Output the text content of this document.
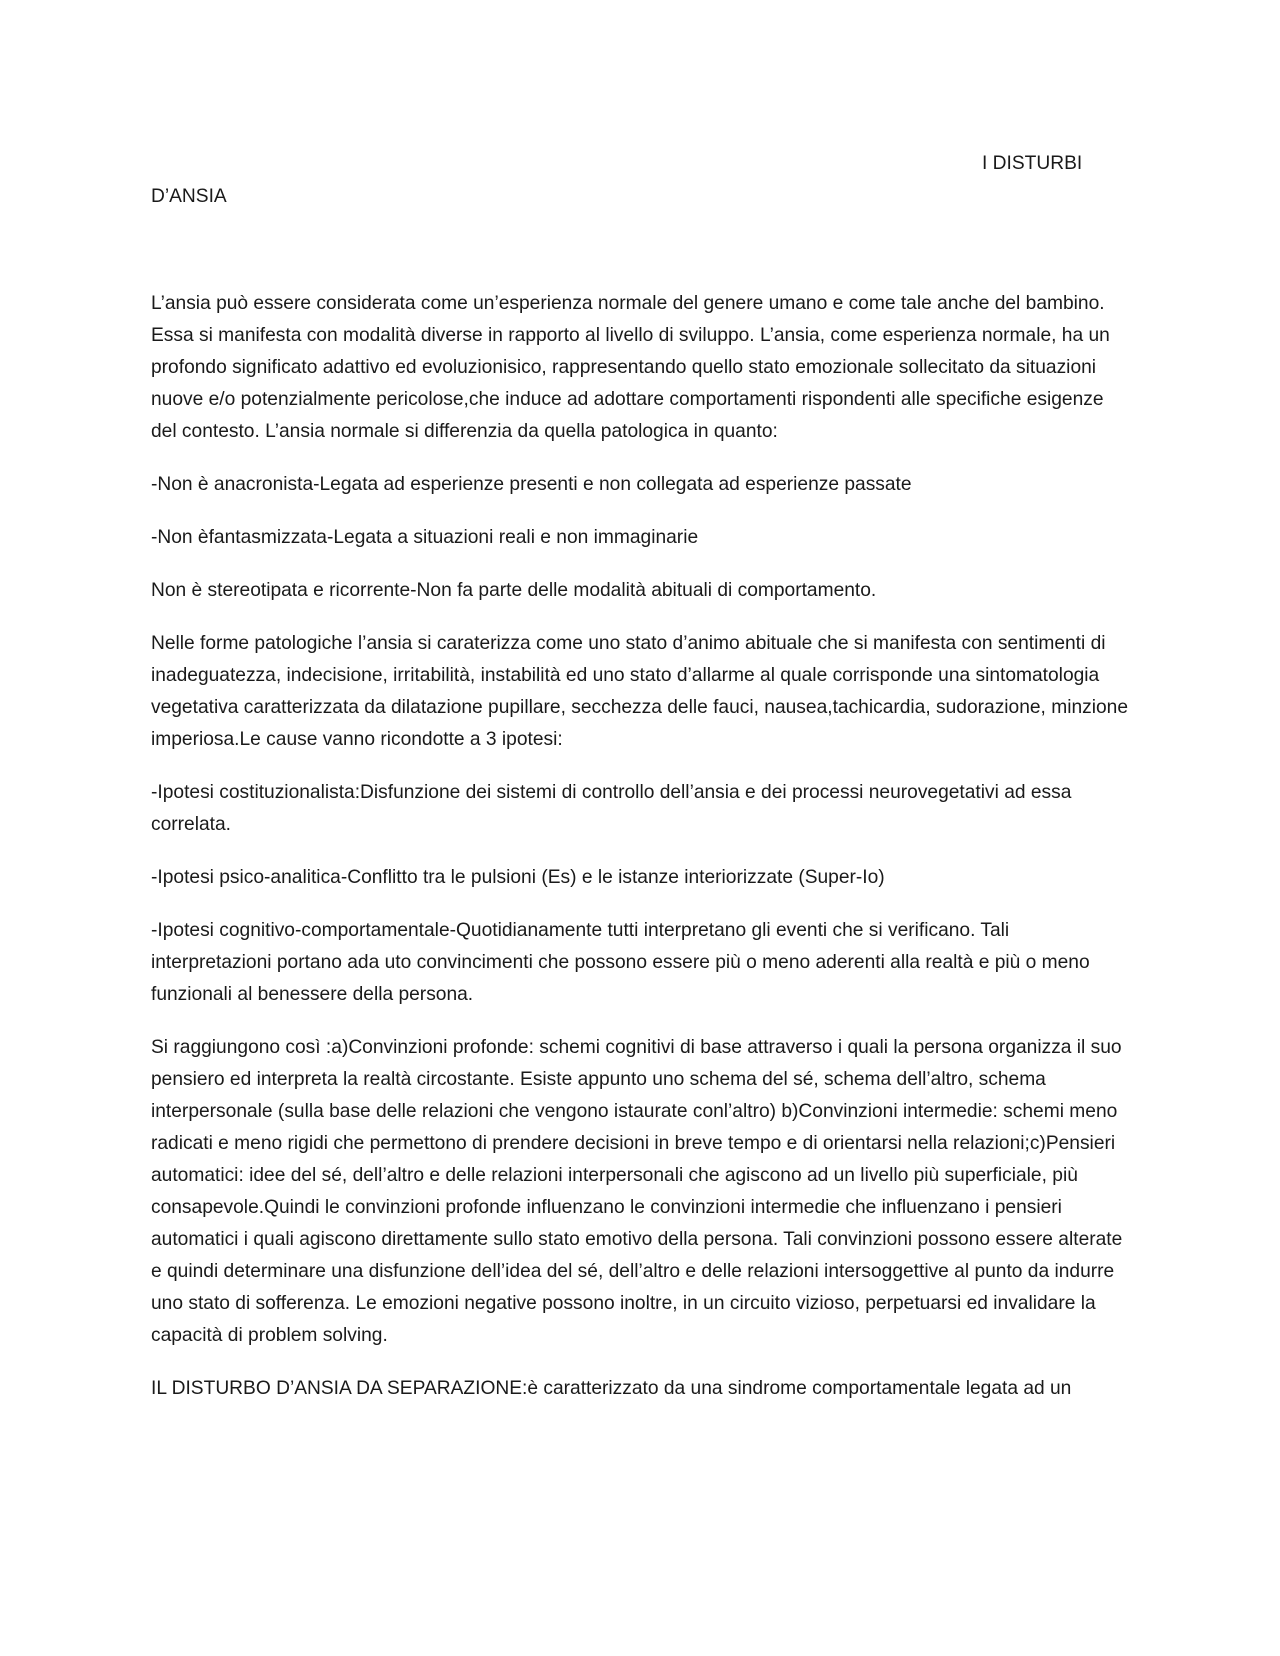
I DISTURBI
D’ANSIA

L’ansia può essere considerata come un’esperienza normale del genere umano e come tale anche del bambino. Essa si manifesta con modalità diverse in rapporto al livello di sviluppo. L’ansia, come esperienza normale, ha un profondo significato adattivo ed evoluzionisico, rappresentando quello stato emozionale sollecitato da situazioni nuove e/o potenzialmente pericolose,che induce ad adottare comportamenti rispondenti alle specifiche esigenze del contesto. L’ansia normale si differenzia da quella patologica in quanto:

-Non è anacronista-Legata ad esperienze presenti e non collegata ad esperienze passate

-Non èfantasmizzata-Legata a situazioni reali e non immaginarie

Non è stereotipata e ricorrente-Non fa parte delle modalità abituali di comportamento.

Nelle forme patologiche l’ansia si caraterizza come uno stato d’animo abituale che si manifesta con sentimenti di inadeguatezza, indecisione, irritabilità, instabilità ed uno stato d’allarme al quale corrisponde una sintomatologia vegetativa caratterizzata da dilatazione pupillare, secchezza delle fauci, nausea,tachicardia, sudorazione, minzione imperiosa.Le cause vanno ricondotte a 3 ipotesi:

-Ipotesi costituzionalista:Disfunzione dei sistemi di controllo dell’ansia e dei processi neurovegetativi ad essa correlata.

-Ipotesi psico-analitica-Conflitto tra le pulsioni (Es) e le istanze interiorizzate (Super-Io)

-Ipotesi cognitivo-comportamentale-Quotidianamente tutti interpretano gli eventi che si verificano. Tali interpretazioni portano ada uto convincimenti che possono essere più o meno aderenti alla realtà e più o meno funzionali al benessere della persona.

Si raggiungono così :a)Convinzioni profonde: schemi cognitivi di base attraverso i quali la persona organizza il suo pensiero ed interpreta la realtà circostante. Esiste appunto uno schema del sé, schema dell’altro, schema interpersonale (sulla base delle relazioni che vengono istaurate conl’altro) b)Convinzioni intermedie: schemi meno radicati e meno rigidi che permettono di prendere decisioni in breve tempo e di orientarsi nella relazioni;c)Pensieri automatici: idee del sé, dell’altro e delle relazioni interpersonali che agiscono ad un livello più superficiale, più consapevole.Quindi le convinzioni profonde influenzano le convinzioni intermedie che influenzano i pensieri automatici i quali agiscono direttamente sullo stato emotivo della persona. Tali convinzioni possono essere alterate e quindi determinare una disfunzione dell’idea del sé, dell’altro e delle relazioni intersoggettive al punto da indurre uno stato di sofferenza. Le emozioni negative possono inoltre, in un circuito vizioso, perpetuarsi ed invalidare la capacità di problem solving.

IL DISTURBO D’ANSIA DA SEPARAZIONE:è caratterizzato da una sindrome comportamentale legata ad un
